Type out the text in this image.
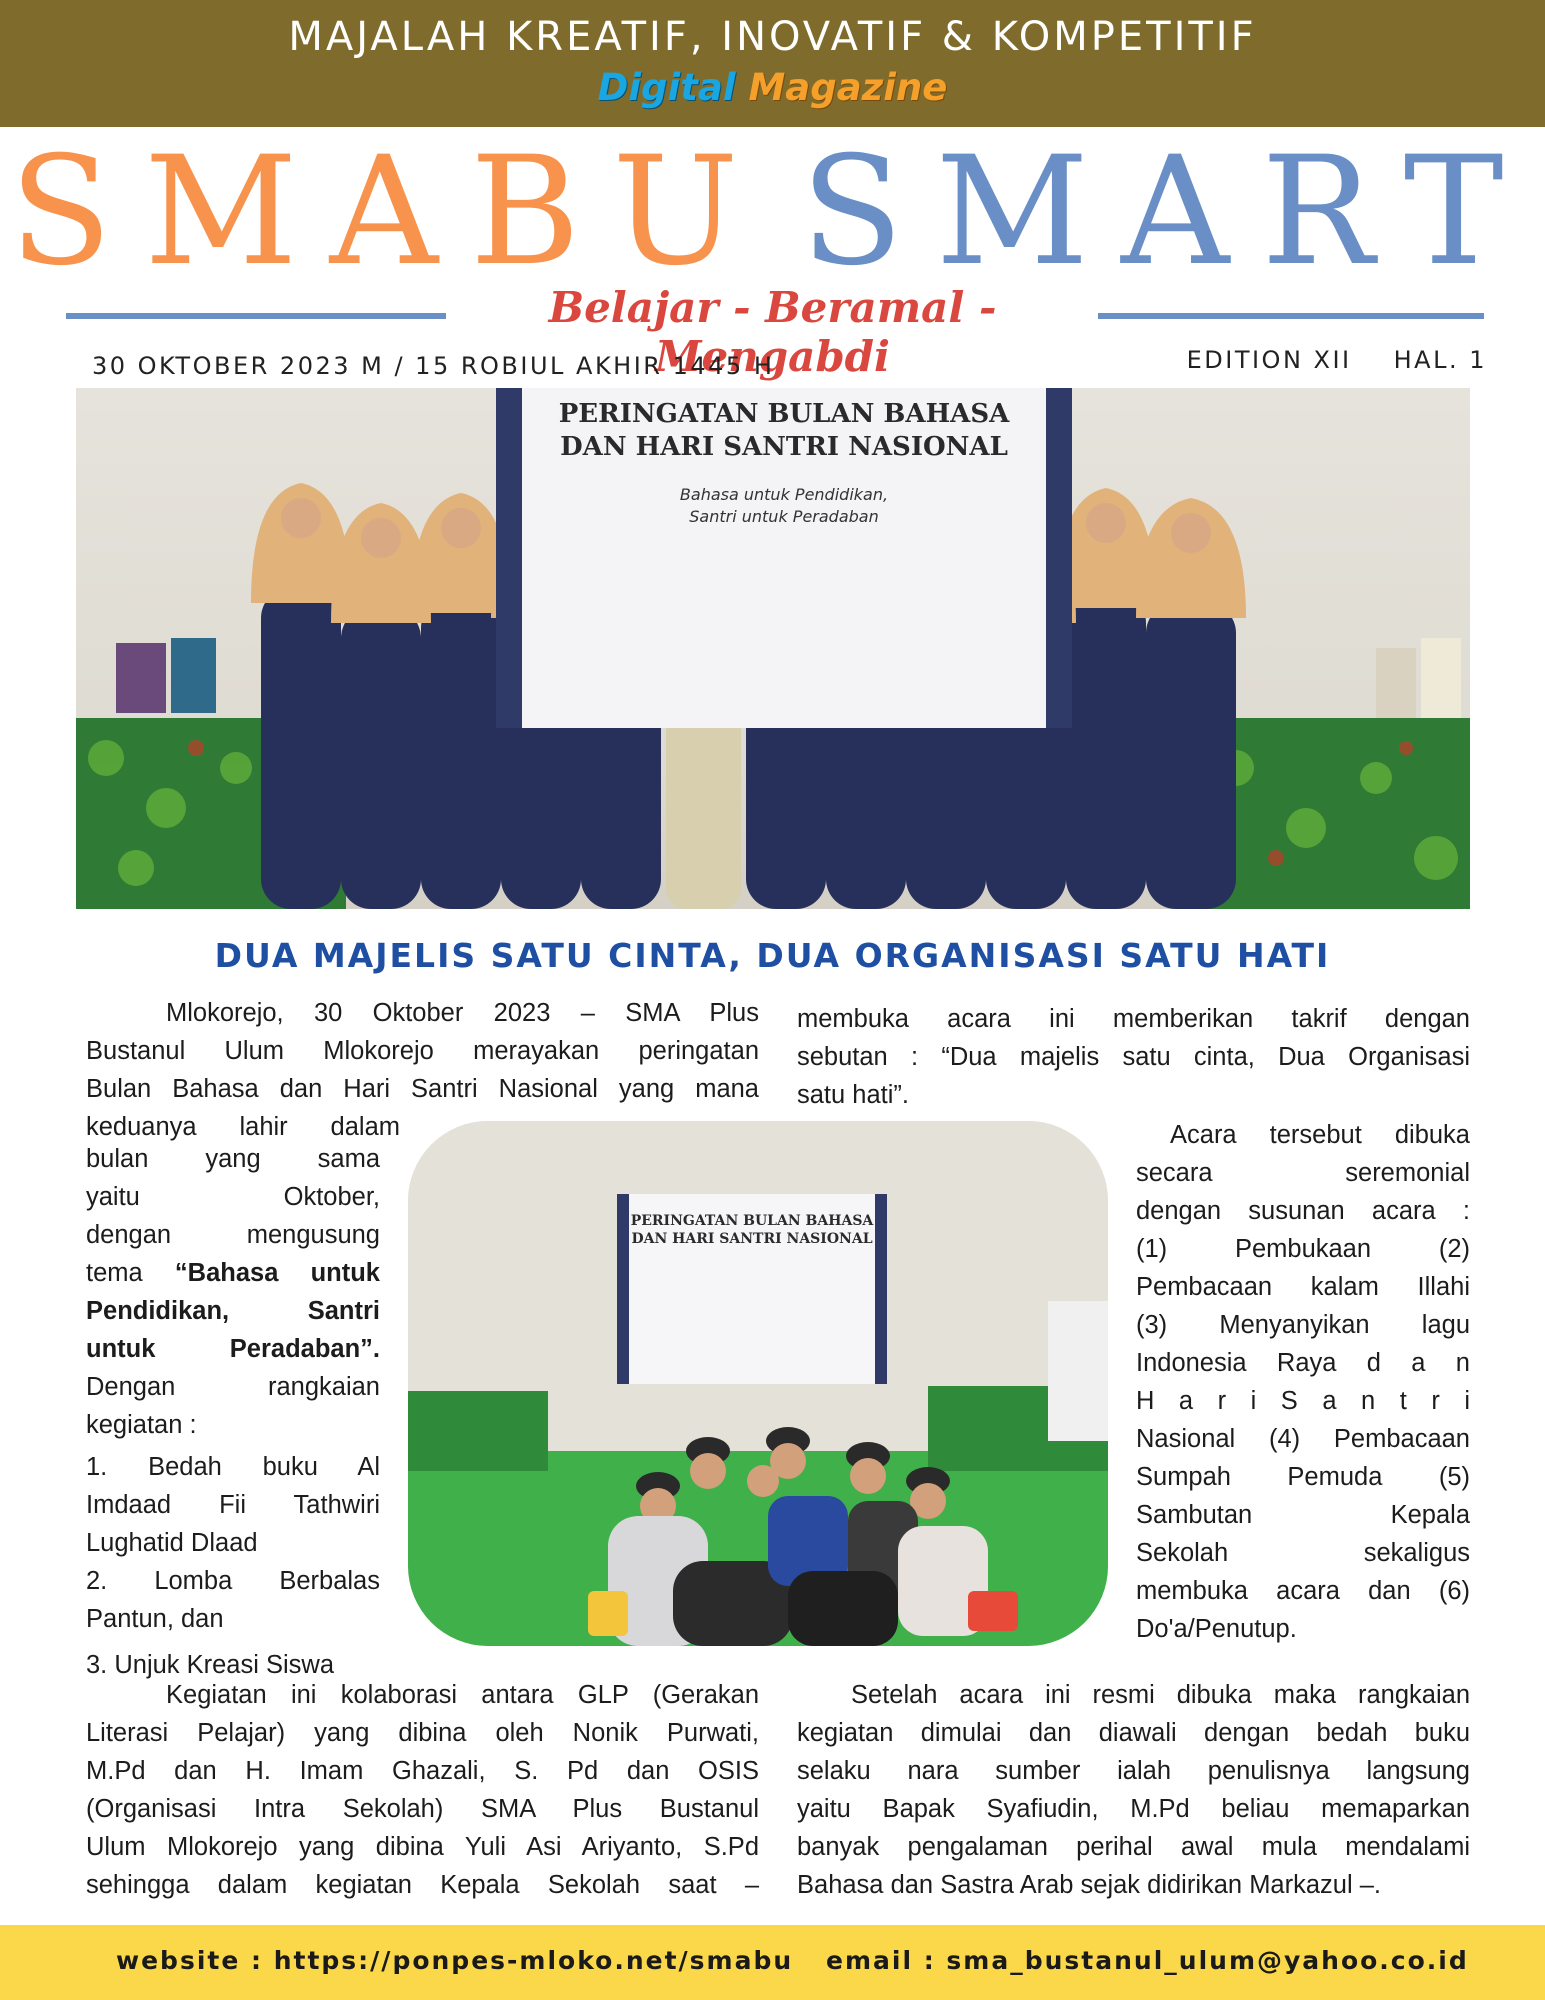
MAJALAH KREATIF, INOVATIF & KOMPETITIF
Digital Magazine
SMABU SMART
Belajar - Beramal - Mengabdi
30 OKTOBER 2023 M / 15 ROBIUL AKHIR 1445 H	EDITION XII HAL. 1
PERINGATAN BULAN BAHASA
DAN HARI SANTRI NASIONAL
Bahasa untuk Pendidikan,
Santri untuk Peradaban
DUA MAJELIS SATU CINTA, DUA ORGANISASI SATU HATI

Mlokorejo, 30 Oktober 2023 – SMA Plus

Bustanul Ulum Mlokorejo merayakan peringatan

Bulan Bahasa dan Hari Santri Nasional yang mana

keduanya lahir dalam

bulan yang sama

yaitu Oktober,

dengan mengusung

tema “Bahasa untuk

Pendidikan, Santri

untuk Peradaban”.

Dengan rangkaian

kegiatan :

1. Bedah buku Al

Imdaad Fii Tathwiri

Lughatid Dlaad

2. Lomba Berbalas

Pantun, dan

3. Unjuk Kreasi Siswa

PERINGATAN BULAN BAHASA
DAN HARI SANTRI NASIONAL

membuka acara ini memberikan takrif dengan

sebutan : “Dua majelis satu cinta, Dua Organisasi

satu hati”.

Acara tersebut dibuka

secara seremonial

dengan susunan acara :

(1) Pembukaan (2)

Pembacaan kalam Illahi

(3) Menyanyikan lagu

Indonesia Raya d a n

H a r i S a n t r i

Nasional (4) Pembacaan

Sumpah Pemuda (5)

Sambutan Kepala

Sekolah sekaligus

membuka acara dan (6)

Do'a/Penutup.

Kegiatan ini kolaborasi antara GLP (Gerakan

Literasi Pelajar) yang dibina oleh Nonik Purwati,

M.Pd dan H. Imam Ghazali, S. Pd dan OSIS

(Organisasi Intra Sekolah) SMA Plus Bustanul

Ulum Mlokorejo yang dibina Yuli Asi Ariyanto, S.Pd

sehingga dalam kegiatan Kepala Sekolah saat –

Setelah acara ini resmi dibuka maka rangkaian

kegiatan dimulai dan diawali dengan bedah buku

selaku nara sumber ialah penulisnya langsung

yaitu Bapak Syafiudin, M.Pd beliau memaparkan

banyak pengalaman perihal awal mula mendalami

Bahasa dan Sastra Arab sejak didirikan Markazul –.

website : https://ponpes-mloko.net/smabu email : sma_bustanul_ulum@yahoo.co.id
